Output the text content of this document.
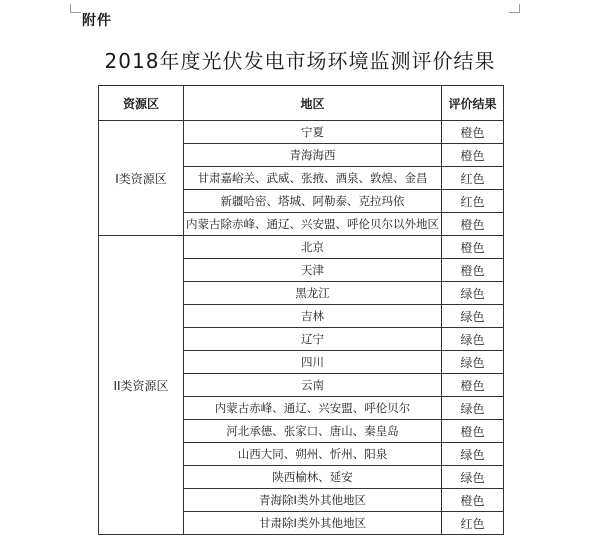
附件
2018年度光伏发电市场环境监测评价结果
资源区	地区	评价结果
I类资源区	宁夏	橙色
	青海海西	橙色
	甘肃嘉峪关、武威、张掖、酒泉、敦煌、金昌	红色
	新疆哈密、塔城、阿勒泰、克拉玛依	红色
	内蒙古除赤峰、通辽、兴安盟、呼伦贝尔以外地区	橙色
II类资源区	北京	橙色
	天津	橙色
	黑龙江	绿色
	吉林	绿色
	辽宁	绿色
	四川	绿色
	云南	橙色
	内蒙古赤峰、通辽、兴安盟、呼伦贝尔	绿色
	河北承德、张家口、唐山、秦皇岛	橙色
	山西大同、朔州、忻州、阳泉	绿色
	陕西榆林、延安	绿色
	青海除I类外其他地区	橙色
	甘肃除I类外其他地区	红色
